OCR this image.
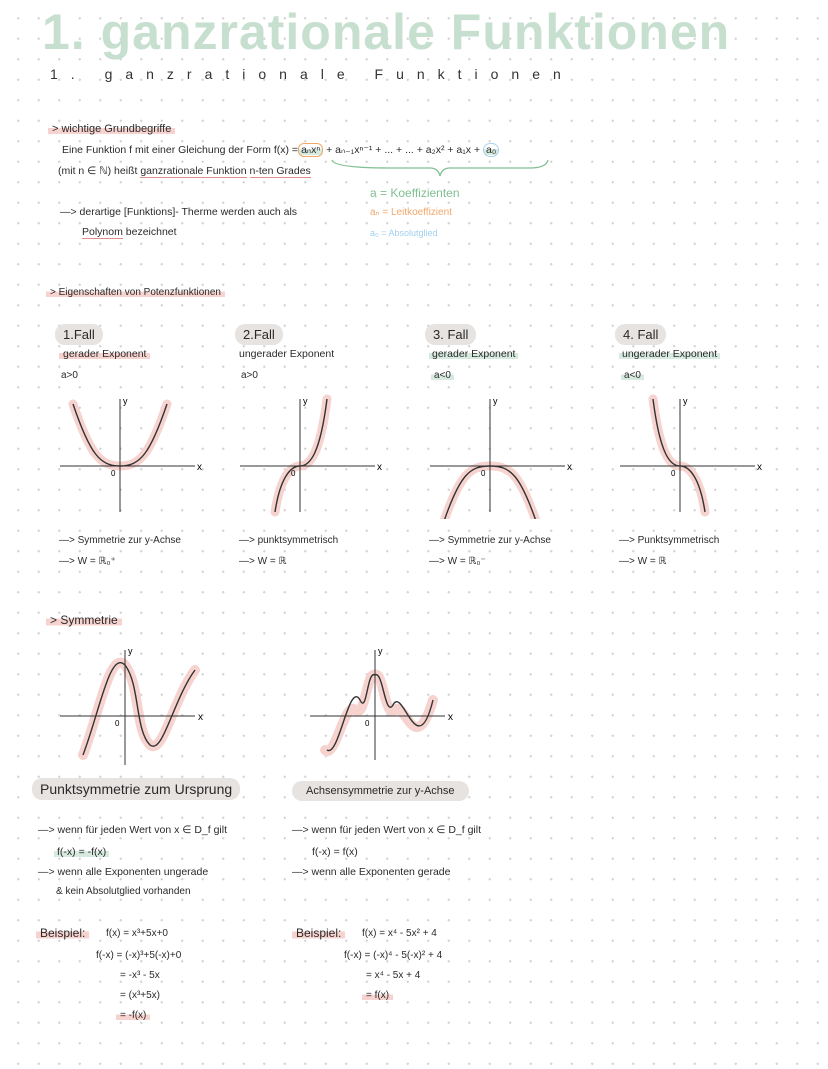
1. ganzrationale Funktionen
1. ganzrationale Funktionen
> wichtige Grundbegriffe
Eine Funktion f mit einer Gleichung der Form f(x) = aₙxⁿ + aₙ₋₁xⁿ⁻¹ + ... + ... + a₂x² + a₁x + a₀
(mit n ∈ ℕ) heißt ganzrationale Funktion n-ten Grades
—> derartige [Funktions]- Therme werden auch als
Polynom bezeichnet
a = Koeffizienten
aₙ = Leitkoeffizient
a₀ = Absolutglied
> Eigenschaften von Potenzfunktionen
1.Fall
gerader Exponent
a>0
x
y
0
—> Symmetrie zur y-Achse
—> W = ℝ₀⁺
2.Fall
ungerader Exponent
a>0
x
y
0
—> punktsymmetrisch
—> W = ℝ
3. Fall
gerader Exponent
a<0
x
y
0
—> Symmetrie zur y-Achse
—> W = ℝ₀⁻
4. Fall
ungerader Exponent
a<0
x
y
0
—> Punktsymmetrisch
—> W = ℝ
> Symmetrie
x
y
0
x
y
0
Punktsymmetrie zum Ursprung	Achsensymmetrie zur y-Achse
—> wenn für jeden Wert von x ∈ D_f gilt
f(-x) = -f(x)
—> wenn alle Exponenten ungerade
& kein Absolutglied vorhanden
—> wenn für jeden Wert von x ∈ D_f gilt
f(-x) = f(x)
—> wenn alle Exponenten gerade
Beispiel:	f(x) = x³+5x+0
f(-x) = (-x)³+5(-x)+0
= -x³ - 5x
= (x³+5x)
= -f(x)
Beispiel:	f(x) = x⁴ - 5x² + 4
f(-x) = (-x)⁴ - 5(-x)² + 4
= x⁴ - 5x + 4
= f(x)
